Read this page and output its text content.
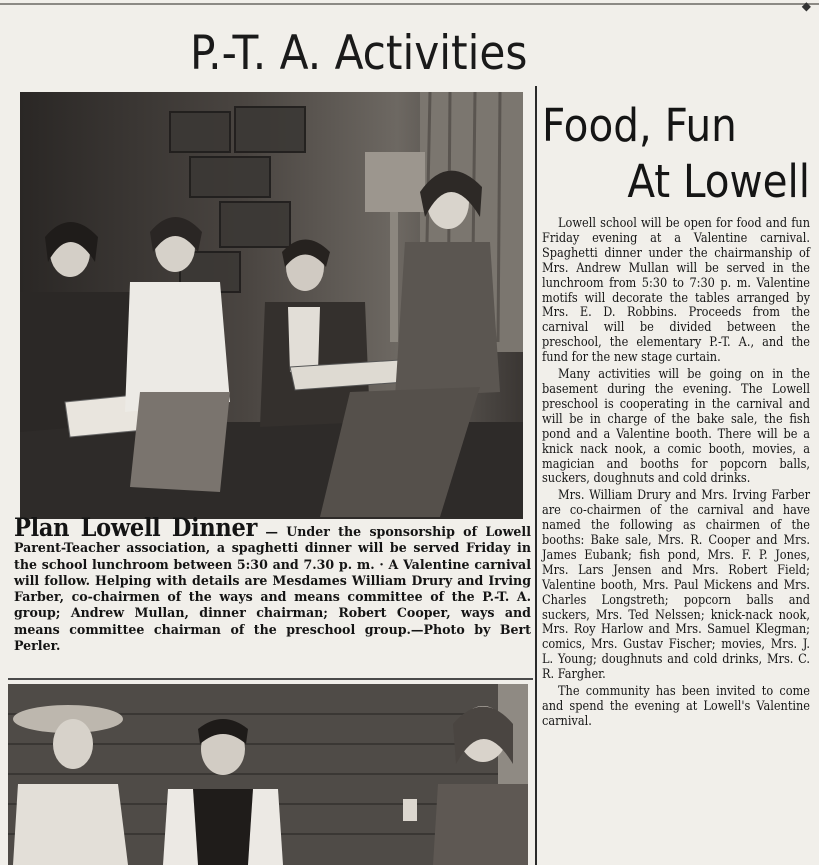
◆
P.-T. A. Activities
Plan Lowell Dinner — Under the sponsorship of Lowell Parent-Teacher association, a spaghetti dinner will be served Friday in the school lunchroom between 5:30 and 7.30 p. m. · A Valentine carnival will follow. Helping with details are Mesdames William Drury and Irving Farber, co-chairmen of the ways and means committee of the P.-T. A. group; Andrew Mullan, dinner chairman; Robert Cooper, ways and means committee chairman of the preschool group.—Photo by Bert Perler.
Food, Fun
At Lowell

Lowell school will be open for food and fun Friday evening at a Valentine carnival. Spaghetti dinner under the chairmanship of Mrs. Andrew Mullan will be served in the lunchroom from 5:30 to 7:30 p. m. Valentine motifs will decorate the tables arranged by Mrs. E. D. Robbins. Proceeds from the carnival will be divided between the preschool, the elementary P.-T. A., and the fund for the new stage curtain.

Many activities will be going on in the basement during the evening. The Lowell preschool is cooperating in the carnival and will be in charge of the bake sale, the fish pond and a Valentine booth. There will be a knick nack nook, a comic booth, movies, a magician and booths for popcorn balls, suckers, doughnuts and cold drinks.

Mrs. William Drury and Mrs. Irving Farber are co-chairmen of the carnival and have named the following as chairmen of the booths: Bake sale, Mrs. R. Cooper and Mrs. James Eubank; fish pond, Mrs. F. P. Jones, Mrs. Lars Jensen and Mrs. Robert Field; Valentine booth, Mrs. Paul Mickens and Mrs. Charles Longstreth; popcorn balls and suckers, Mrs. Ted Nelssen; knick-nack nook, Mrs. Roy Harlow and Mrs. Samuel Klegman; comics, Mrs. Gustav Fischer; movies, Mrs. J. L. Young; doughnuts and cold drinks, Mrs. C. R. Fargher.

The community has been invited to come and spend the evening at Lowell's Valentine carnival.
